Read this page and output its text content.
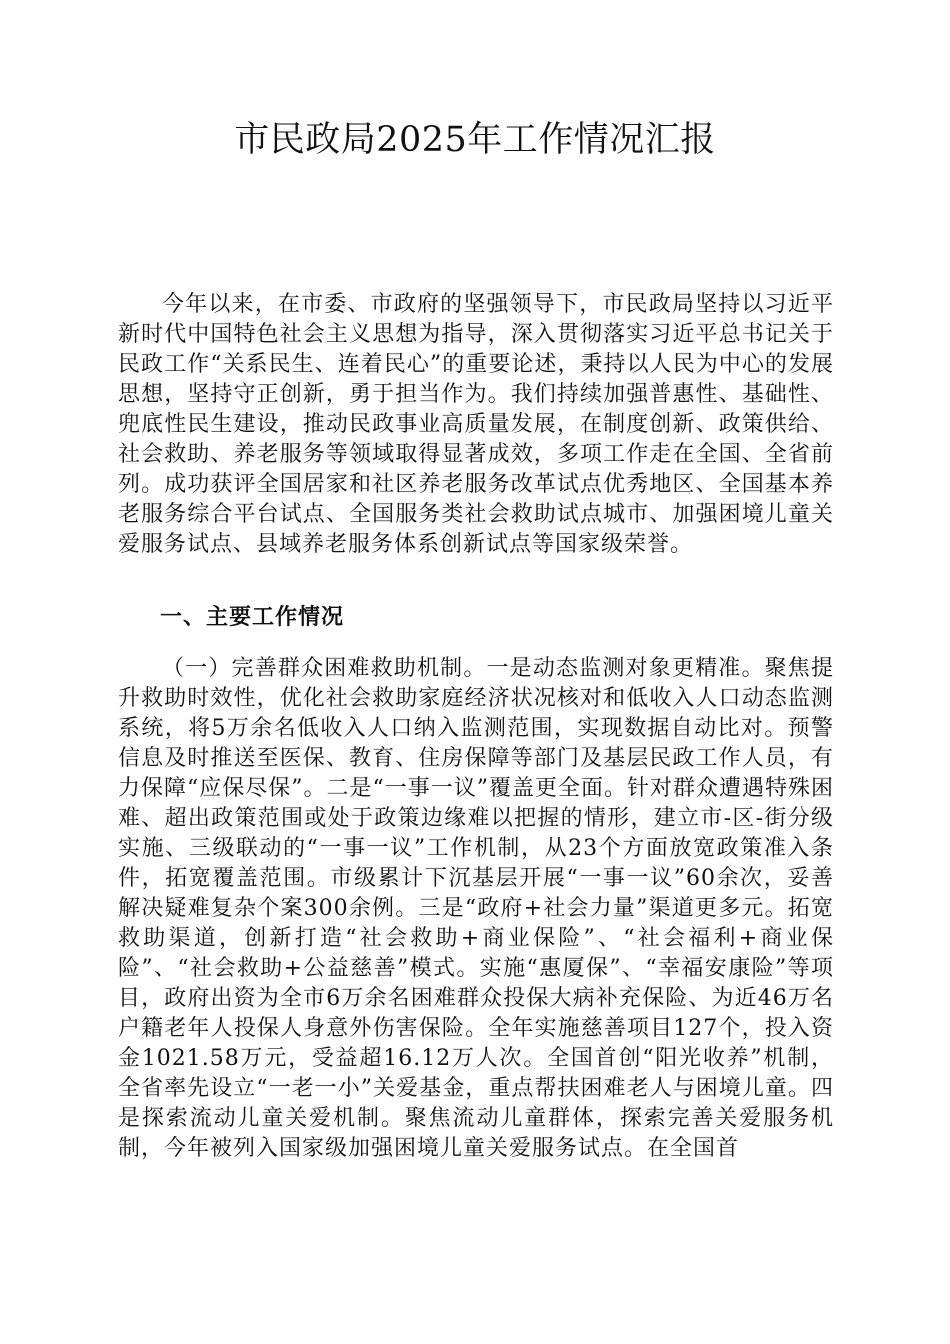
市民政局2025年工作情况汇报

今年以来，在市委、市政府的坚强领导下，市民政局坚持以习近平新时代中国特色社会主义思想为指导，深入贯彻落实习近平总书记关于民政工作“关系民生、连着民心”的重要论述，秉持以人民为中心的发展思想，坚持守正创新，勇于担当作为。我们持续加强普惠性、基础性、兜底性民生建设，推动民政事业高质量发展，在制度创新、政策供给、社会救助、养老服务等领域取得显著成效，多项工作走在全国、全省前列。成功获评全国居家和社区养老服务改革试点优秀地区、全国基本养老服务综合平台试点、全国服务类社会救助试点城市、加强困境儿童关爱服务试点、县域养老服务体系创新试点等国家级荣誉。

一、主要工作情况

（一）完善群众困难救助机制。一是动态监测对象更精准。聚焦提升救助时效性，优化社会救助家庭经济状况核对和低收入人口动态监测系统，将5万余名低收入人口纳入监测范围，实现数据自动比对。预警信息及时推送至医保、教育、住房保障等部门及基层民政工作人员，有力保障“应保尽保”。二是“一事一议”覆盖更全面。针对群众遭遇特殊困难、超出政策范围或处于政策边缘难以把握的情形，建立市-区-街分级实施、三级联动的“一事一议”工作机制，从23个方面放宽政策准入条件，拓宽覆盖范围。市级累计下沉基层开展“一事一议”60余次，妥善解决疑难复杂个案300余例。三是“政府+社会力量”渠道更多元。拓宽救助渠道，创新打造“社会救助+商业保险”、“社会福利+商业保险”、“社会救助+公益慈善”模式。实施“惠厦保”、“幸福安康险”等项目，政府出资为全市6万余名困难群众投保大病补充保险、为近46万名户籍老年人投保人身意外伤害保险。全年实施慈善项目127个，投入资金1021.58万元，受益超16.12万人次。全国首创“阳光收养”机制，全省率先设立“一老一小”关爱基金，重点帮扶困难老人与困境儿童。四是探索流动儿童关爱机制。聚焦流动儿童群体，探索完善关爱服务机制，今年被列入国家级加强困境儿童关爱服务试点。在全国首
